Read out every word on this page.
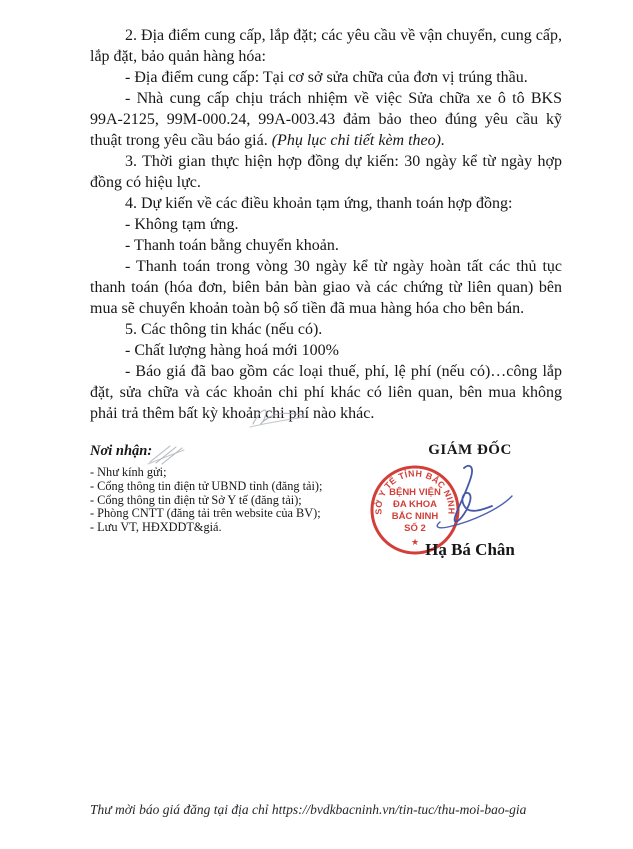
2. Địa điểm cung cấp, lắp đặt; các yêu cầu về vận chuyển, cung cấp, lắp đặt, bảo quản hàng hóa:

- Địa điểm cung cấp: Tại cơ sở sửa chữa của đơn vị trúng thầu.

- Nhà cung cấp chịu trách nhiệm về việc Sửa chữa xe ô tô BKS 99A-2125, 99M-000.24, 99A-003.43 đảm bảo theo đúng yêu cầu kỹ thuật trong yêu cầu báo giá. (Phụ lục chi tiết kèm theo).

3. Thời gian thực hiện hợp đồng dự kiến: 30 ngày kể từ ngày hợp đồng có hiệu lực.

4. Dự kiến về các điều khoản tạm ứng, thanh toán hợp đồng:

- Không tạm ứng.

- Thanh toán bằng chuyển khoản.

- Thanh toán trong vòng 30 ngày kể từ ngày hoàn tất các thủ tục thanh toán (hóa đơn, biên bản bàn giao và các chứng từ liên quan) bên mua sẽ chuyển khoản toàn bộ số tiền đã mua hàng hóa cho bên bán.

5. Các thông tin khác (nếu có).

- Chất lượng hàng hoá mới 100%

- Báo giá đã bao gồm các loại thuế, phí, lệ phí (nếu có)…công lắp đặt, sửa chữa và các khoản chi phí khác có liên quan, bên mua không phải trả thêm bất kỳ khoản chi phí nào khác.

Nơi nhận:
- Như kính gửi;
- Cổng thông tin điện tử UBND tỉnh (đăng tải);
- Cổng thông tin điện tử Sở Y tế (đăng tải);
- Phòng CNTT (đăng tải trên website của BV);
- Lưu VT, HĐXDDT&giá.
GIÁM ĐỐC
SỞ Y TẾ TỈNH BẮC NINH
BỆNH VIỆN
ĐA KHOA
BẮC NINH
SỐ 2
★ Hạ Bá Chân
Thư mời báo giá đăng tại địa chỉ https://bvdkbacninh.vn/tin-tuc/thu-moi-bao-gia
